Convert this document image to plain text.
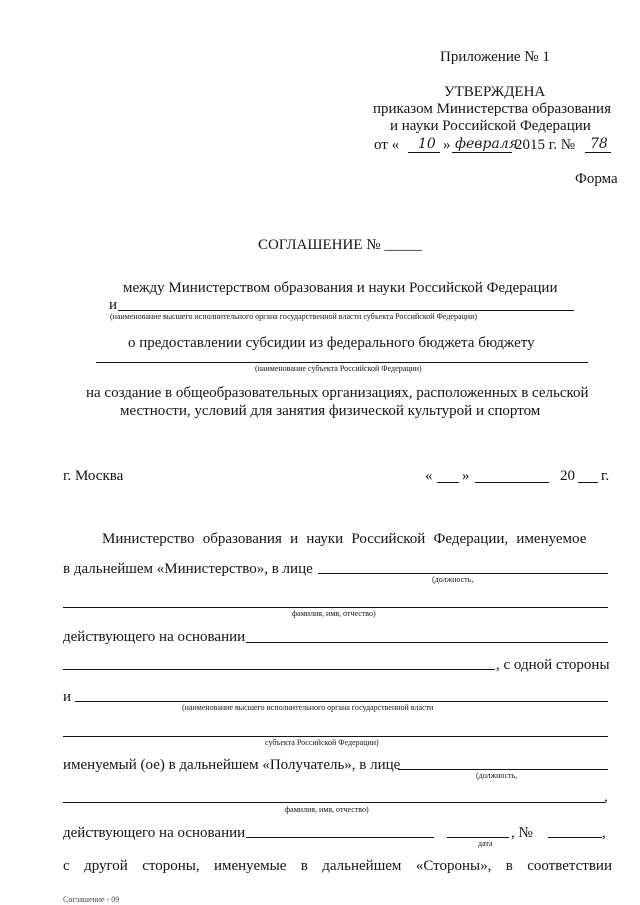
Приложение № 1
УТВЕРЖДЕНА
приказом Министерства образования
и науки Российской Федерации
от « 10 » февраля
2015 г. № 78
Форма
СОГЛАШЕНИЕ № _____
между Министерством образования и науки Российской Федерации
и
(наименование высшего исполнительного органа государственной власти субъекта Российской Федерации)
о предоставлении субсидии из федерального бюджета бюджету
(наименование субъекта Российской Федерации)
на создание в общеобразовательных организациях, расположенных в сельской
местности, условий для занятия физической культурой и спортом
г. Москва	« »	20 г.
Министерство образования и науки Российской Федерации, именуемое
в дальнейшем «Министерство», в лице
(должность,
фамилия, имя, отчество)
действующего на основании
, с одной стороны
и
(наименование высшего исполнительного органа государственной власти
субъекта Российской Федерации)
именуемый (ое) в дальнейшем «Получатель», в лице
(должность,
,
фамилия, имя, отчество)
действующего на основании
дата
, №	,
с другой стороны, именуемые в дальнейшем «Стороны», в соответствии
Соглашение - 09
